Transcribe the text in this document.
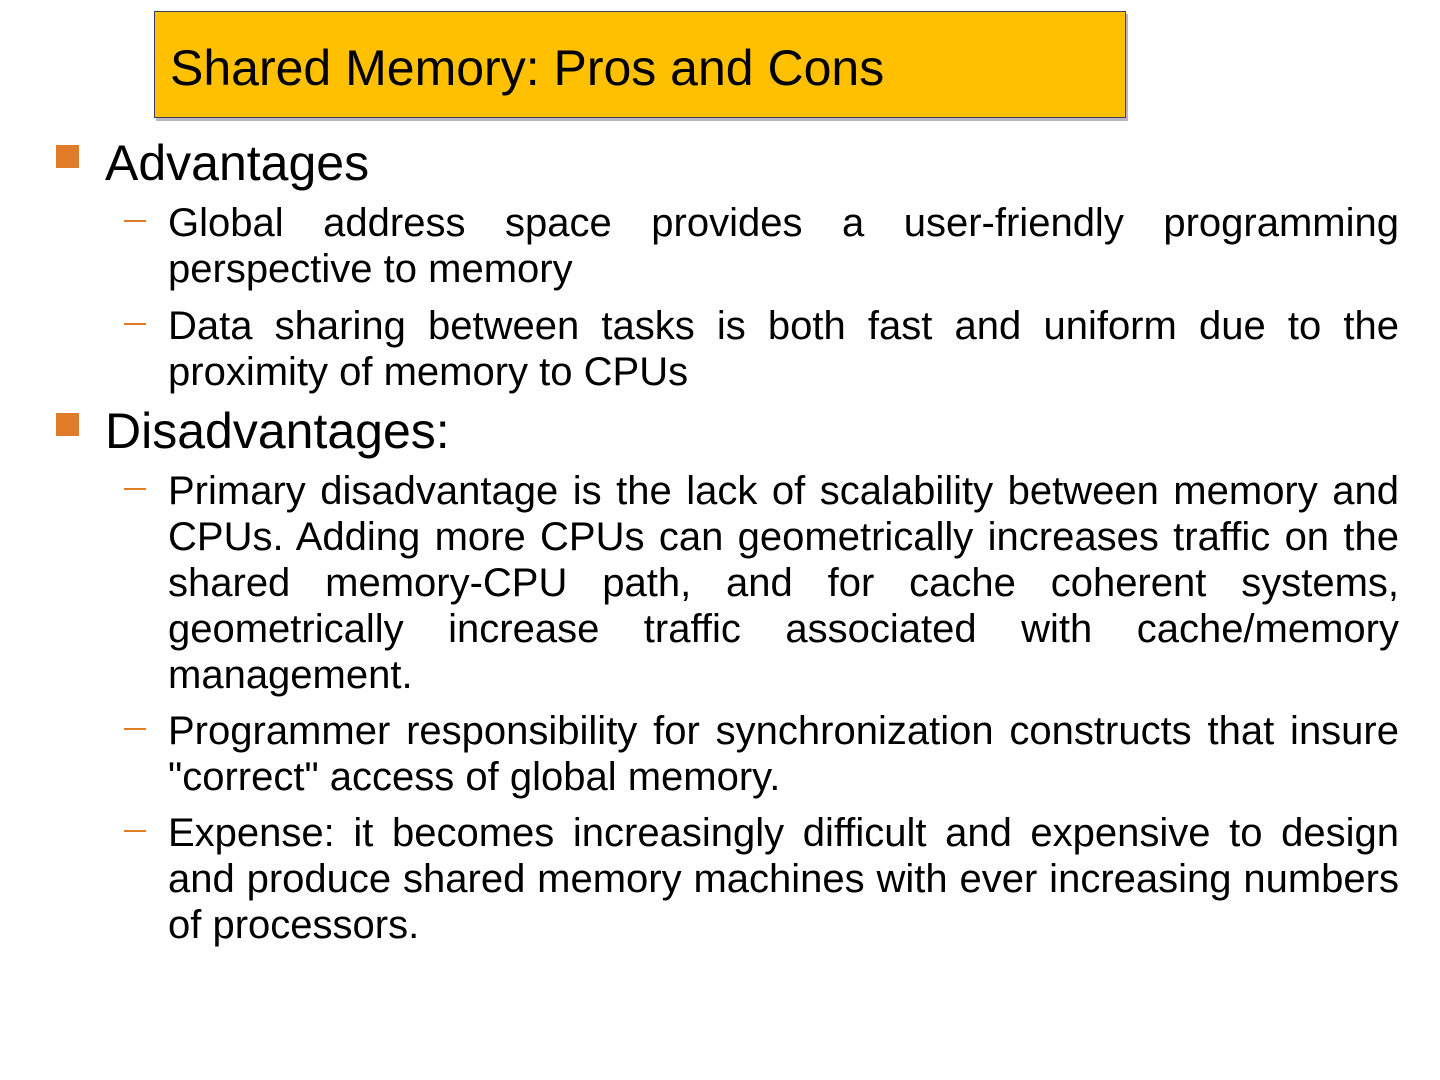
Shared Memory: Pros and Cons
Advantages
Global address space provides a user-friendly programming perspective to memory
Data sharing between tasks is both fast and uniform due to the proximity of memory to CPUs
Disadvantages:
Primary disadvantage is the lack of scalability between memory and CPUs. Adding more CPUs can geometrically increases traffic on the shared memory-CPU path, and for cache coherent systems, geometrically increase traffic associated with cache/memory management.
Programmer responsibility for synchronization constructs that insure "correct" access of global memory.
Expense: it becomes increasingly difficult and expensive to design and produce shared memory machines with ever increasing numbers of processors.
